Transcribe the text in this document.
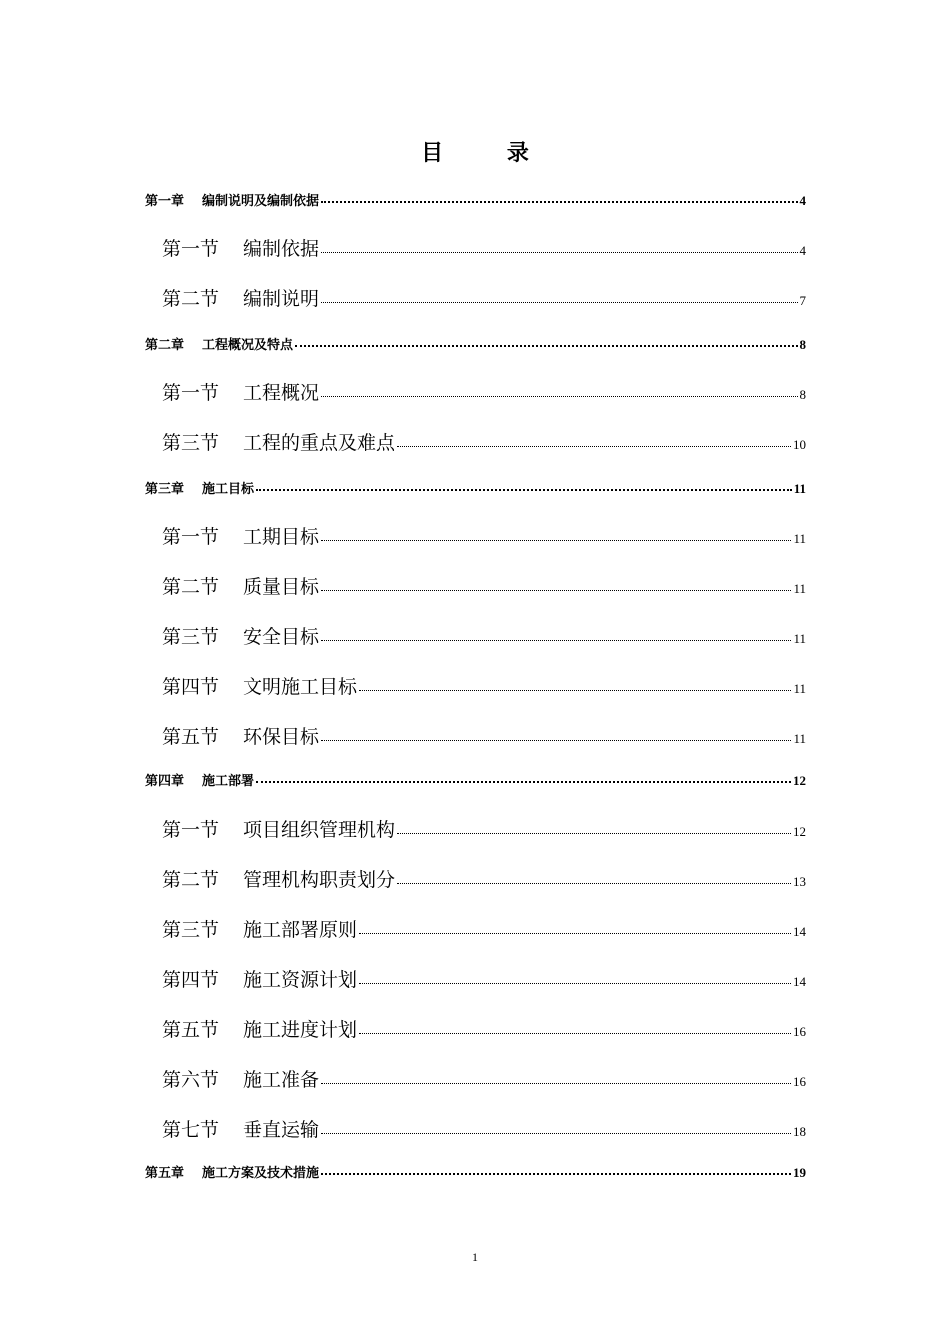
目 录
第一章 编制说明及编制依据	4
第一节 编制依据	4
第二节 编制说明	7
第二章 工程概况及特点	8
第一节 工程概况	8
第三节 工程的重点及难点	10
第三章 施工目标	11
第一节 工期目标	11
第二节 质量目标	11
第三节 安全目标	11
第四节 文明施工目标	11
第五节 环保目标	11
第四章 施工部署	12
第一节 项目组织管理机构	12
第二节 管理机构职责划分	13
第三节 施工部署原则	14
第四节 施工资源计划	14
第五节 施工进度计划	16
第六节 施工准备	16
第七节 垂直运输	18
第五章 施工方案及技术措施	19
1
